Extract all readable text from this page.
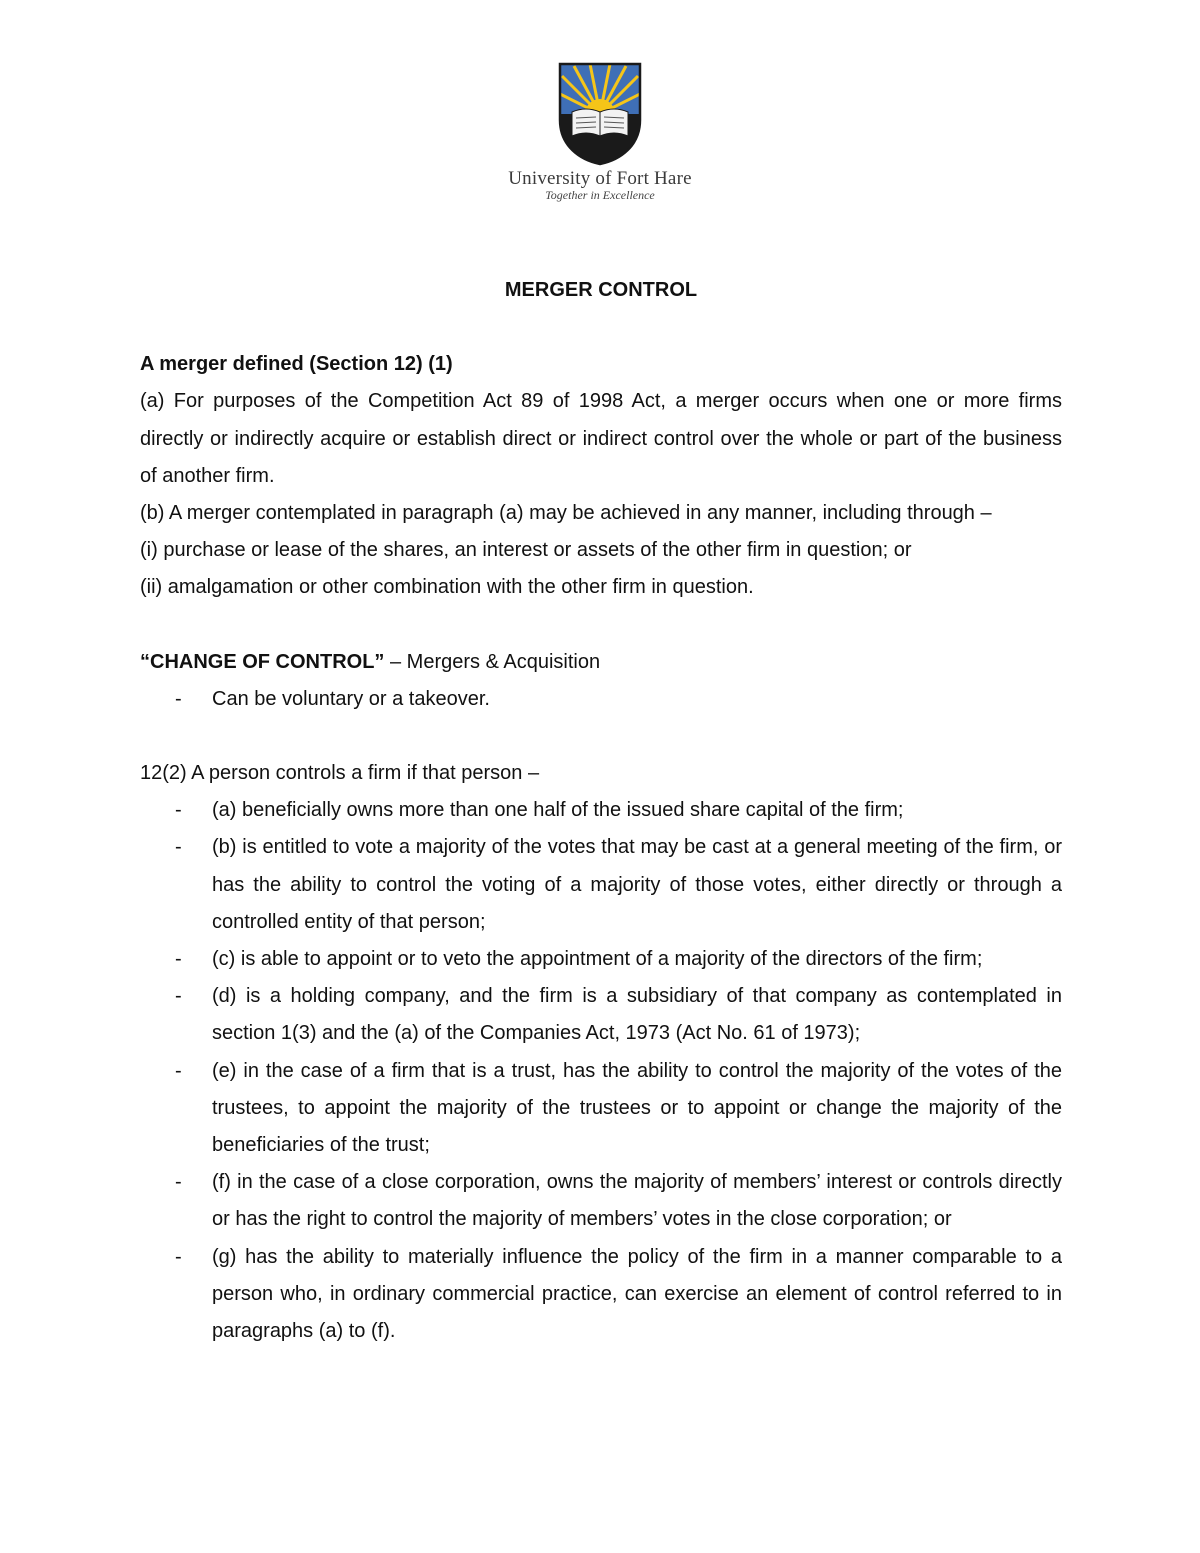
University of Fort Hare
Together in Excellence

MERGER CONTROL

A merger defined (Section 12) (1)

(a) For purposes of the Competition Act 89 of 1998 Act, a merger occurs when one or more firms directly or indirectly acquire or establish direct or indirect control over the whole or part of the business of another firm.

(b) A merger contemplated in paragraph (a) may be achieved in any manner, including through –

(i) purchase or lease of the shares, an interest or assets of the other firm in question; or

(ii) amalgamation or other combination with the other firm in question.

“CHANGE OF CONTROL” – Mergers & Acquisition

- Can be voluntary or a takeover.

12(2) A person controls a firm if that person –

- (a) beneficially owns more than one half of the issued share capital of the firm;
- (b) is entitled to vote a majority of the votes that may be cast at a general meeting of the firm, or has the ability to control the voting of a majority of those votes, either directly or through a controlled entity of that person;
- (c) is able to appoint or to veto the appointment of a majority of the directors of the firm;
- (d) is a holding company, and the firm is a subsidiary of that company as contemplated in section 1(3) and the (a) of the Companies Act, 1973 (Act No. 61 of 1973);
- (e) in the case of a firm that is a trust, has the ability to control the majority of the votes of the trustees, to appoint the majority of the trustees or to appoint or change the majority of the beneficiaries of the trust;
- (f) in the case of a close corporation, owns the majority of members’ interest or controls directly or has the right to control the majority of members’ votes in the close corporation; or
- (g) has the ability to materially influence the policy of the firm in a manner comparable to a person who, in ordinary commercial practice, can exercise an element of control referred to in paragraphs (a) to (f).
